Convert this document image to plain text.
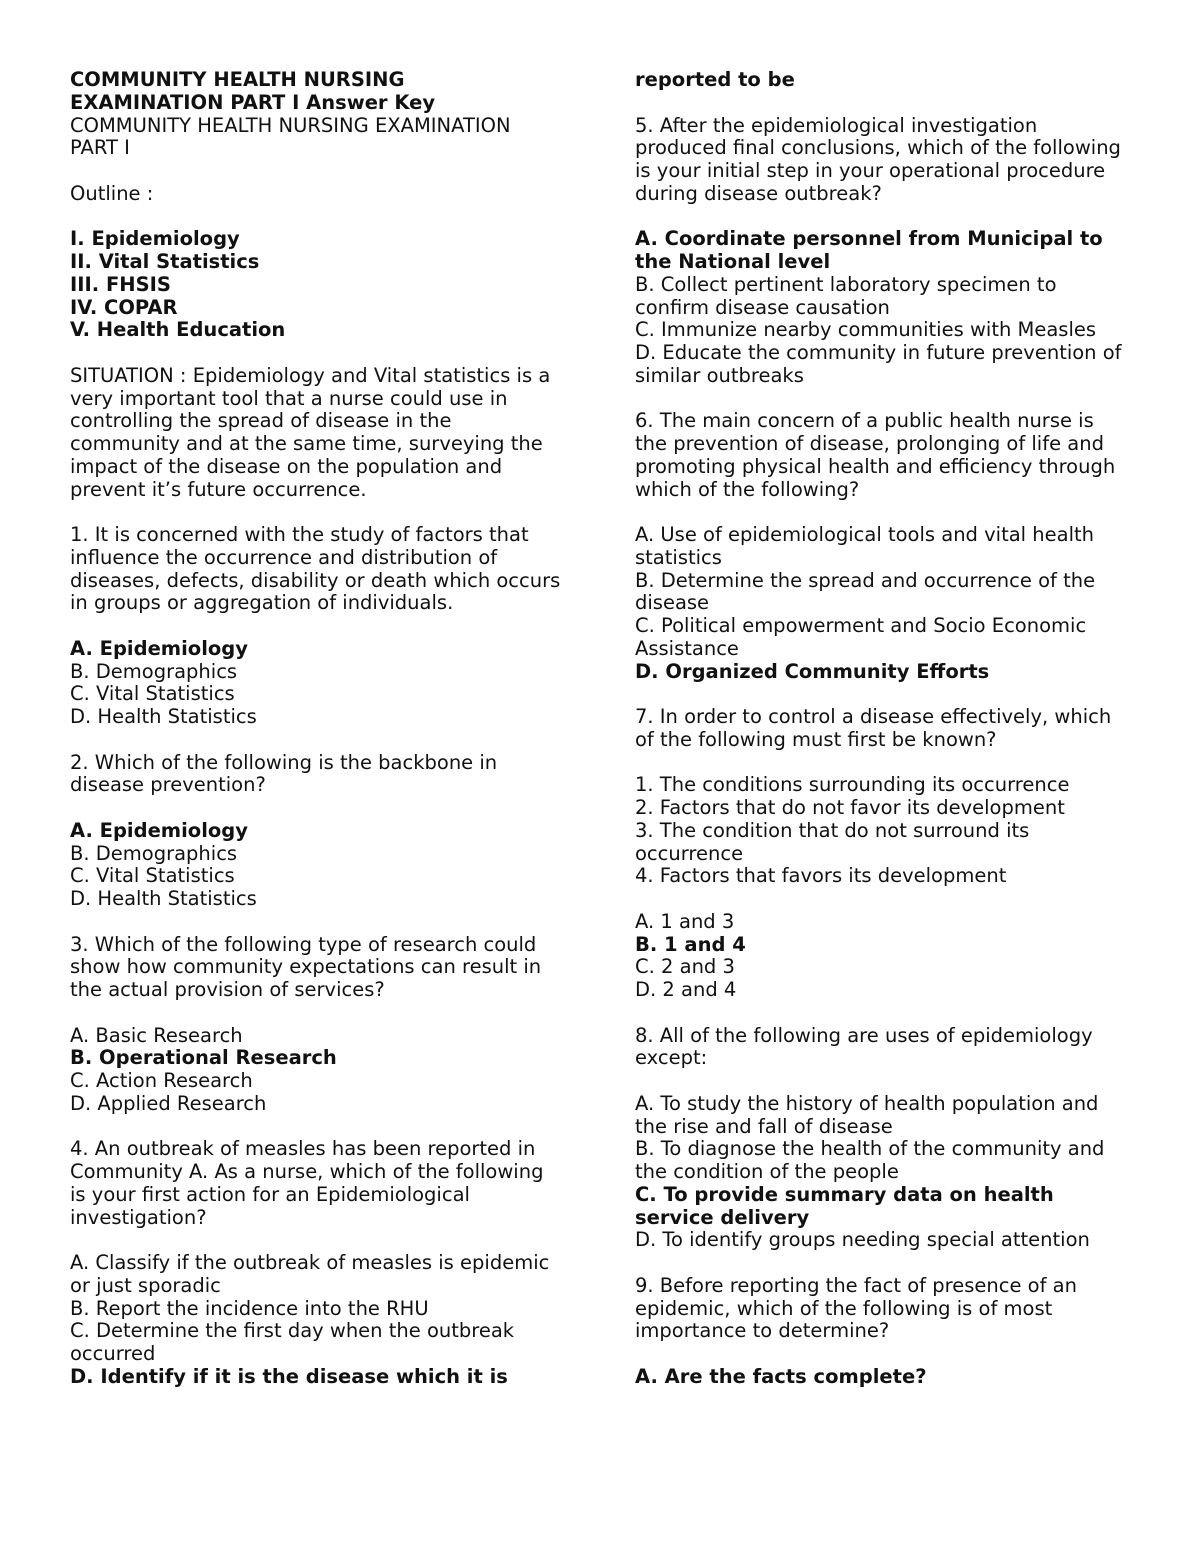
COMMUNITY HEALTH NURSING
EXAMINATION PART I Answer Key
COMMUNITY HEALTH NURSING EXAMINATION
PART I
Outline :
I. Epidemiology
II. Vital Statistics
III. FHSIS
IV. COPAR
V. Health Education
SITUATION : Epidemiology and Vital statistics is a
very important tool that a nurse could use in
controlling the spread of disease in the
community and at the same time, surveying the
impact of the disease on the population and
prevent it’s future occurrence.
1. It is concerned with the study of factors that
influence the occurrence and distribution of
diseases, defects, disability or death which occurs
in groups or aggregation of individuals.
A. Epidemiology
B. Demographics
C. Vital Statistics
D. Health Statistics
2. Which of the following is the backbone in
disease prevention?
A. Epidemiology
B. Demographics
C. Vital Statistics
D. Health Statistics
3. Which of the following type of research could
show how community expectations can result in
the actual provision of services?
A. Basic Research
B. Operational Research
C. Action Research
D. Applied Research
4. An outbreak of measles has been reported in
Community A. As a nurse, which of the following
is your first action for an Epidemiological
investigation?
A. Classify if the outbreak of measles is epidemic
or just sporadic
B. Report the incidence into the RHU
C. Determine the first day when the outbreak
occurred
D. Identify if it is the disease which it is
reported to be
5. After the epidemiological investigation
produced final conclusions, which of the following
is your initial step in your operational procedure
during disease outbreak?
A. Coordinate personnel from Municipal to
the National level
B. Collect pertinent laboratory specimen to
confirm disease causation
C. Immunize nearby communities with Measles
D. Educate the community in future prevention of
similar outbreaks
6. The main concern of a public health nurse is
the prevention of disease, prolonging of life and
promoting physical health and efficiency through
which of the following?
A. Use of epidemiological tools and vital health
statistics
B. Determine the spread and occurrence of the
disease
C. Political empowerment and Socio Economic
Assistance
D. Organized Community Efforts
7. In order to control a disease effectively, which
of the following must first be known?
1. The conditions surrounding its occurrence
2. Factors that do not favor its development
3. The condition that do not surround its
occurrence
4. Factors that favors its development
A. 1 and 3
B. 1 and 4
C. 2 and 3
D. 2 and 4
8. All of the following are uses of epidemiology
except:
A. To study the history of health population and
the rise and fall of disease
B. To diagnose the health of the community and
the condition of the people
C. To provide summary data on health
service delivery
D. To identify groups needing special attention
9. Before reporting the fact of presence of an
epidemic, which of the following is of most
importance to determine?
A. Are the facts complete?
